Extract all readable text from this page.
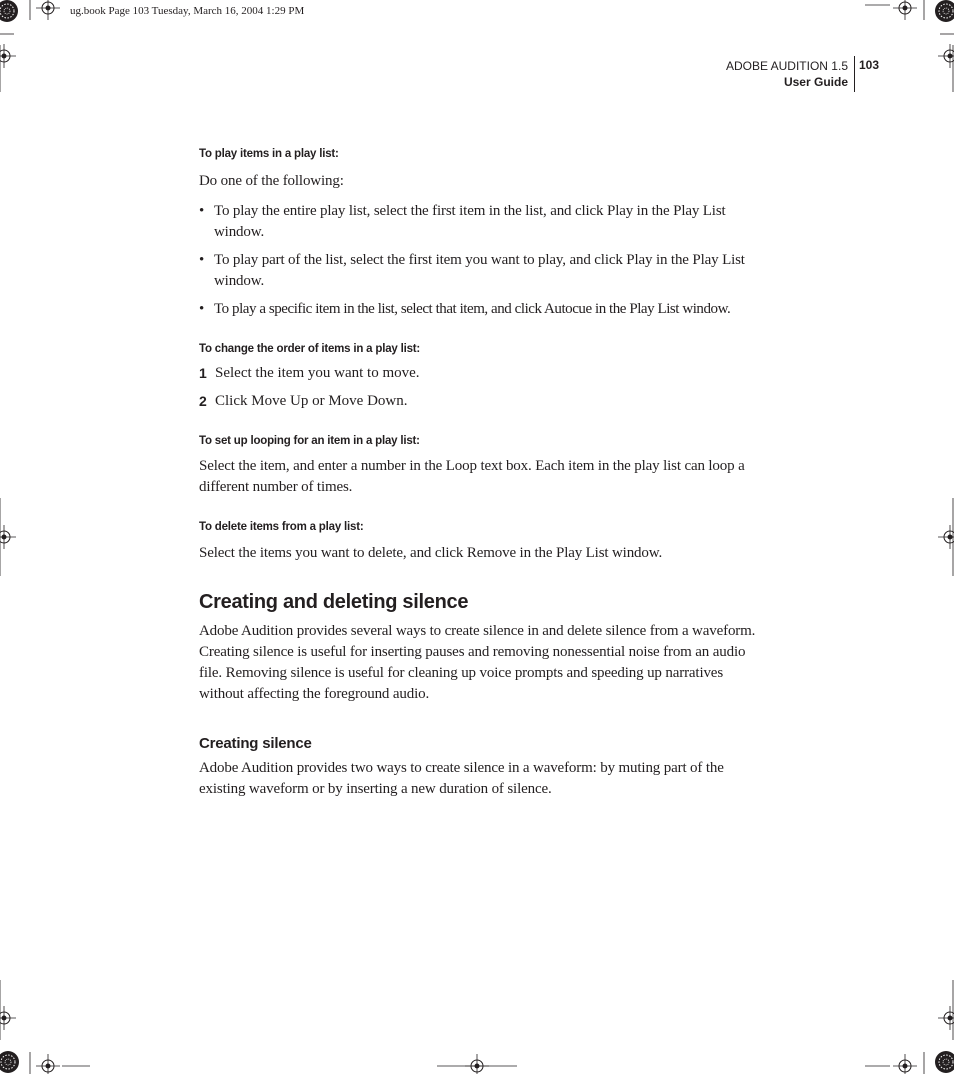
ug.book Page 103 Tuesday, March 16, 2004 1:29 PM
ADOBE AUDITION 1.5
User Guide
103

To play items in a play list:

Do one of the following:

• To play the entire play list, select the first item in the list, and click Play in the Play List window.
• To play part of the list, select the first item you want to play, and click Play in the Play List window.
• To play a specific item in the list, select that item, and click Autocue in the Play List window.

To change the order of items in a play list:

1 Select the item you want to move.
2 Click Move Up or Move Down.

To set up looping for an item in a play list:

Select the item, and enter a number in the Loop text box. Each item in the play list can loop a different number of times.

To delete items from a play list:

Select the items you want to delete, and click Remove in the Play List window.

Creating and deleting silence

Adobe Audition provides several ways to create silence in and delete silence from a waveform. Creating silence is useful for inserting pauses and removing nonessential noise from an audio file. Removing silence is useful for cleaning up voice prompts and speeding up narratives without affecting the foreground audio.

Creating silence

Adobe Audition provides two ways to create silence in a waveform: by muting part of the existing waveform or by inserting a new duration of silence.
